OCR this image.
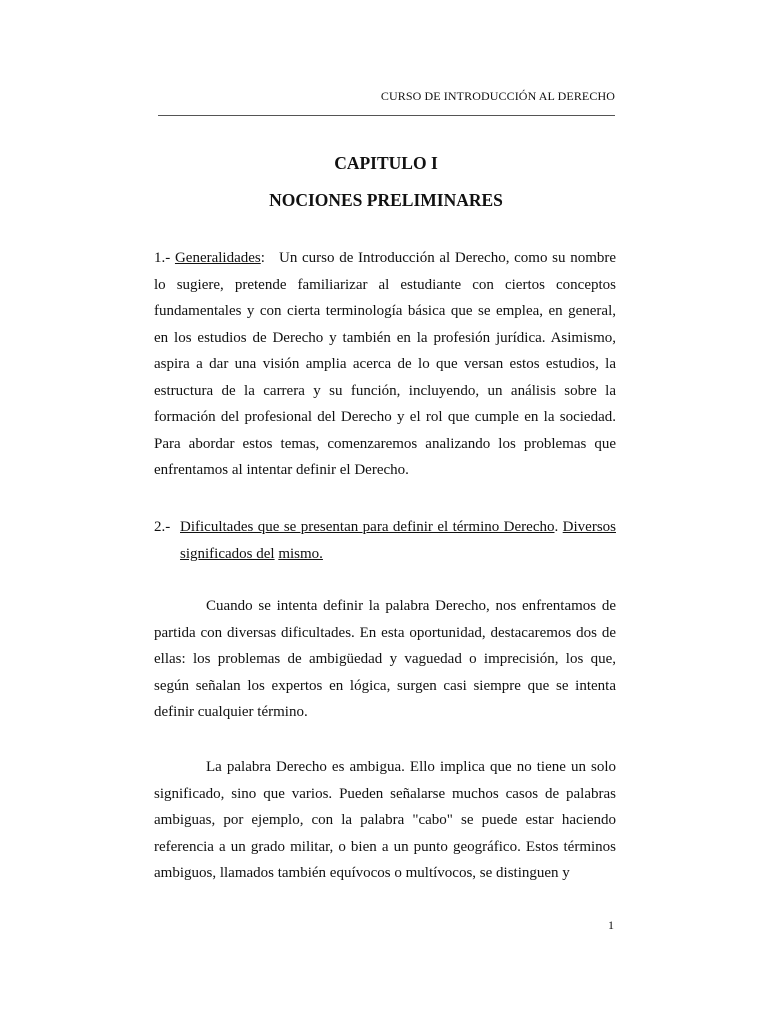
CURSO DE INTRODUCCIÓN AL DERECHO
CAPITULO I
NOCIONES PRELIMINARES
1.- Generalidades: Un curso de Introducción al Derecho, como su nombre lo sugiere, pretende familiarizar al estudiante con ciertos conceptos fundamentales y con cierta terminología básica que se emplea, en general, en los estudios de Derecho y también en la profesión jurídica. Asimismo, aspira a dar una visión amplia acerca de lo que versan estos estudios, la estructura de la carrera y su función, incluyendo, un análisis sobre la formación del profesional del Derecho y el rol que cumple en la sociedad. Para abordar estos temas, comenzaremos analizando los problemas que enfrentamos al intentar definir el Derecho.
2.- Dificultades que se presentan para definir el término Derecho. Diversos significados del mismo.
Cuando se intenta definir la palabra Derecho, nos enfrentamos de partida con diversas dificultades. En esta oportunidad, destacaremos dos de ellas: los problemas de ambigüedad y vaguedad o imprecisión, los que, según señalan los expertos en lógica, surgen casi siempre que se intenta definir cualquier término.
La palabra Derecho es ambigua. Ello implica que no tiene un solo significado, sino que varios. Pueden señalarse muchos casos de palabras ambiguas, por ejemplo, con la palabra "cabo" se puede estar haciendo referencia a un grado militar, o bien a un punto geográfico. Estos términos ambiguos, llamados también equívocos o multívocos, se distinguen y
1
